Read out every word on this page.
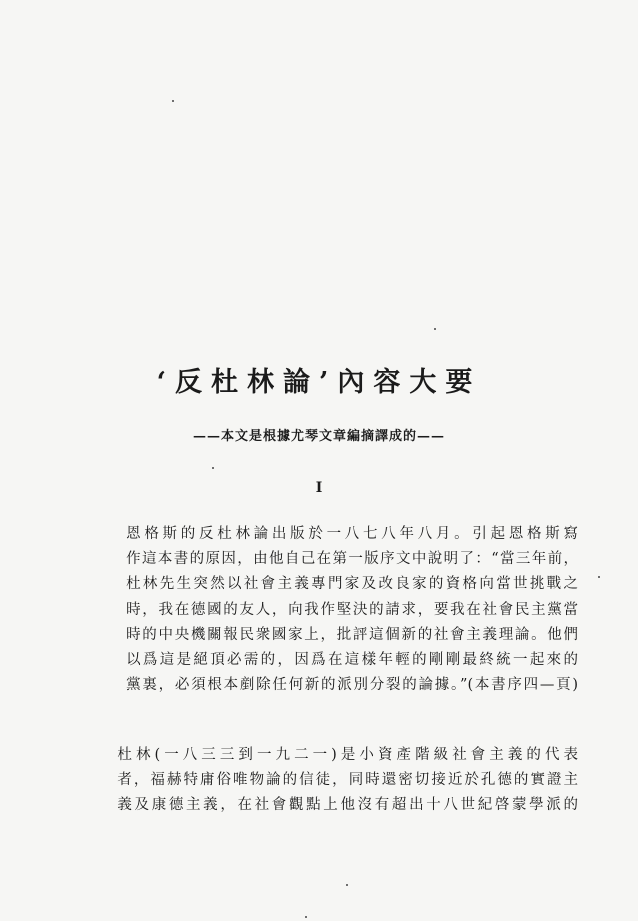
‘反杜林論’內容大要
——本文是根據尤琴文章編摘譯成的——
I
恩格斯的反杜林論出版於一八七八年八月。引起恩格斯寫
作這本書的原因，由他自己在第一版序文中說明了：“當三年前，
杜林先生突然以社會主義專門家及改良家的資格向當世挑戰之
時，我在德國的友人，向我作堅決的請求，要我在社會民主黨當
時的中央機關報民衆國家上，批評這個新的社會主義理論。他們
以爲這是絕頂必需的，因爲在這樣年輕的剛剛最終統一起來的
黨裏，必須根本剷除任何新的派別分裂的論據。”(本書序四—頁)
杜林(一八三三到一九二一)是小資產階級社會主義的代表
者，福赫特庸俗唯物論的信徒，同時還密切接近於孔德的實證主
義及康德主義，在社會觀點上他沒有超出十八世紀啓蒙學派的
